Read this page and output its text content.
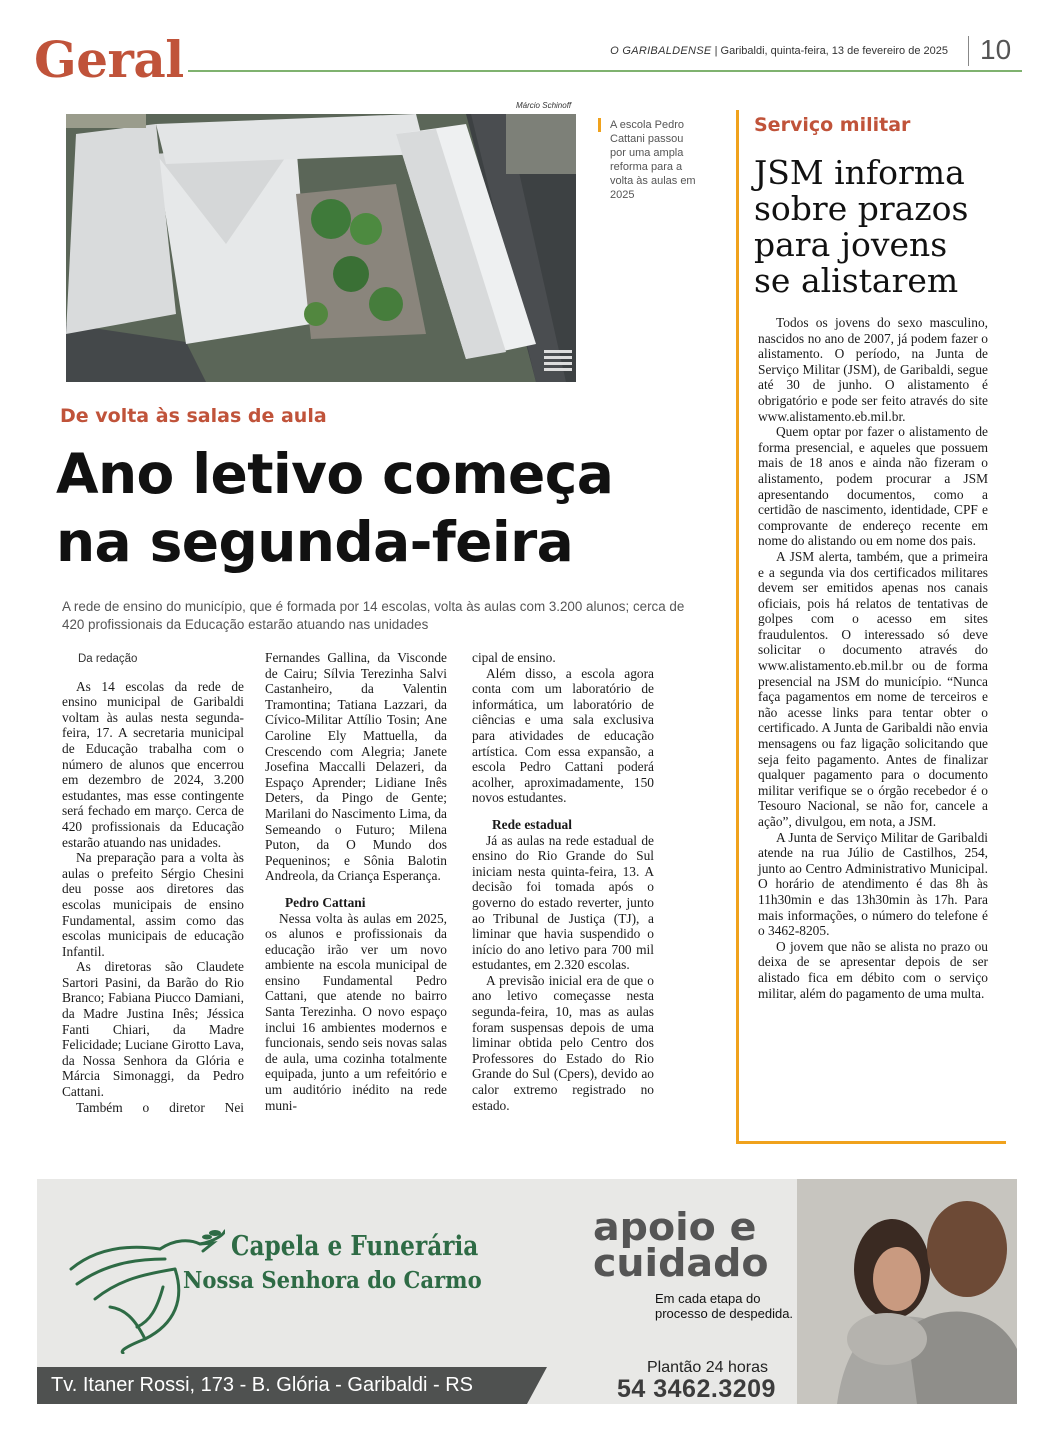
Geral	O GARIBALDENSE | Garibaldi, quinta-feira, 13 de fevereiro de 2025 10
Márcio Schinoff
A escola Pedro Cattani passou por uma ampla reforma para a volta às aulas em 2025
De volta às salas de aula
Ano letivo começa na segunda-feira
A rede de ensino do município, que é formada por 14 escolas, volta às aulas com 3.200 alunos; cerca de 420 profissionais da Educação estarão atuando nas unidades
Da redação

As 14 escolas da rede de ensino municipal de Garibaldi voltam às aulas nesta segunda-feira, 17. A secretaria municipal de Educação trabalha com o número de alunos que encerrou em dezembro de 2024, 3.200 estudantes, mas esse contingente será fechado em março. Cerca de 420 profissionais da Educação estarão atuando nas unidades.

Na preparação para a volta às aulas o prefeito Sérgio Chesini deu posse aos diretores das escolas municipais de ensino Fundamental, assim como das escolas municipais de educação Infantil.

As diretoras são Claudete Sartori Pasini, da Barão do Rio Branco; Fabiana Piucco Damiani, da Madre Justina Inês; Jéssica Fanti Chiari, da Madre Felicidade; Luciane Girotto Lava, da Nossa Senhora da Glória e Márcia Simonaggi, da Pedro Cattani.

Também o diretor Nei

Fernandes Gallina, da Visconde de Cairu; Sílvia Terezinha Salvi Castanheiro, da Valentin Tramontina; Tatiana Lazzari, da Cívico-Militar Attílio Tosin; Ane Caroline Ely Mattuella, da Crescendo com Alegria; Janete Josefina Maccalli Delazeri, da Espaço Aprender; Lidiane Inês Deters, da Pingo de Gente; Marilani do Nascimento Lima, da Semeando o Futuro; Milena Puton, da O Mundo dos Pequeninos; e Sônia Balotin Andreola, da Criança Esperança.

Pedro Cattani

Nessa volta às aulas em 2025, os alunos e profissionais da educação irão ver um novo ambiente na escola municipal de ensino Fundamental Pedro Cattani, que atende no bairro Santa Terezinha. O novo espaço inclui 16 ambientes modernos e funcionais, sendo seis novas salas de aula, uma cozinha totalmente equipada, junto a um refeitório e um auditório inédito na rede muni-

cipal de ensino.

Além disso, a escola agora conta com um laboratório de informática, um laboratório de ciências e uma sala exclusiva para atividades de educação artística. Com essa expansão, a escola Pedro Cattani poderá acolher, aproximadamente, 150 novos estudantes.

Rede estadual

Já as aulas na rede estadual de ensino do Rio Grande do Sul iniciam nesta quinta-feira, 13. A decisão foi tomada após o governo do estado reverter, junto ao Tribunal de Justiça (TJ), a liminar que havia suspendido o início do ano letivo para 700 mil estudantes, em 2.320 escolas.

A previsão inicial era de que o ano letivo começasse nesta segunda-feira, 10, mas as aulas foram suspensas depois de uma liminar obtida pelo Centro dos Professores do Estado do Rio Grande do Sul (Cpers), devido ao calor extremo registrado no estado.

Serviço militar
JSM informa sobre prazos para jovens se alistarem

Todos os jovens do sexo masculino, nascidos no ano de 2007, já podem fazer o alistamento. O período, na Junta de Serviço Militar (JSM), de Garibaldi, segue até 30 de junho. O alistamento é obrigatório e pode ser feito através do site www.alistamento.eb.mil.br.

Quem optar por fazer o alistamento de forma presencial, e aqueles que possuem mais de 18 anos e ainda não fizeram o alistamento, podem procurar a JSM apresentando documentos, como a certidão de nascimento, identidade, CPF e comprovante de endereço recente em nome do alistando ou em nome dos pais.

A JSM alerta, também, que a primeira e a segunda via dos certificados militares devem ser emitidos apenas nos canais oficiais, pois há relatos de tentativas de golpes com o acesso em sites fraudulentos. O interessado só deve solicitar o documento através do www.alistamento.eb.mil.br ou de forma presencial na JSM do município. “Nunca faça pagamentos em nome de terceiros e não acesse links para tentar obter o certificado. A Junta de Garibaldi não envia mensagens ou faz ligação solicitando que seja feito pagamento. Antes de finalizar qualquer pagamento para o documento militar verifique se o órgão recebedor é o Tesouro Nacional, se não for, cancele a ação”, divulgou, em nota, a JSM.

A Junta de Serviço Militar de Garibaldi atende na rua Júlio de Castilhos, 254, junto ao Centro Administrativo Municipal. O horário de atendimento é das 8h às 11h30min e das 13h30min às 17h. Para mais informações, o número do telefone é o 3462-8205.

O jovem que não se alista no prazo ou deixa de se apresentar depois de ser alistado fica em débito com o serviço militar, além do pagamento de uma multa.

Capela e Funerária
Nossa Senhora do Carmo
apoio e cuidado
Em cada etapa do processo de despedida.
Tv. Itaner Rossi, 173 - B. Glória - Garibaldi - RS
Plantão 24 horas
54 3462.3209
